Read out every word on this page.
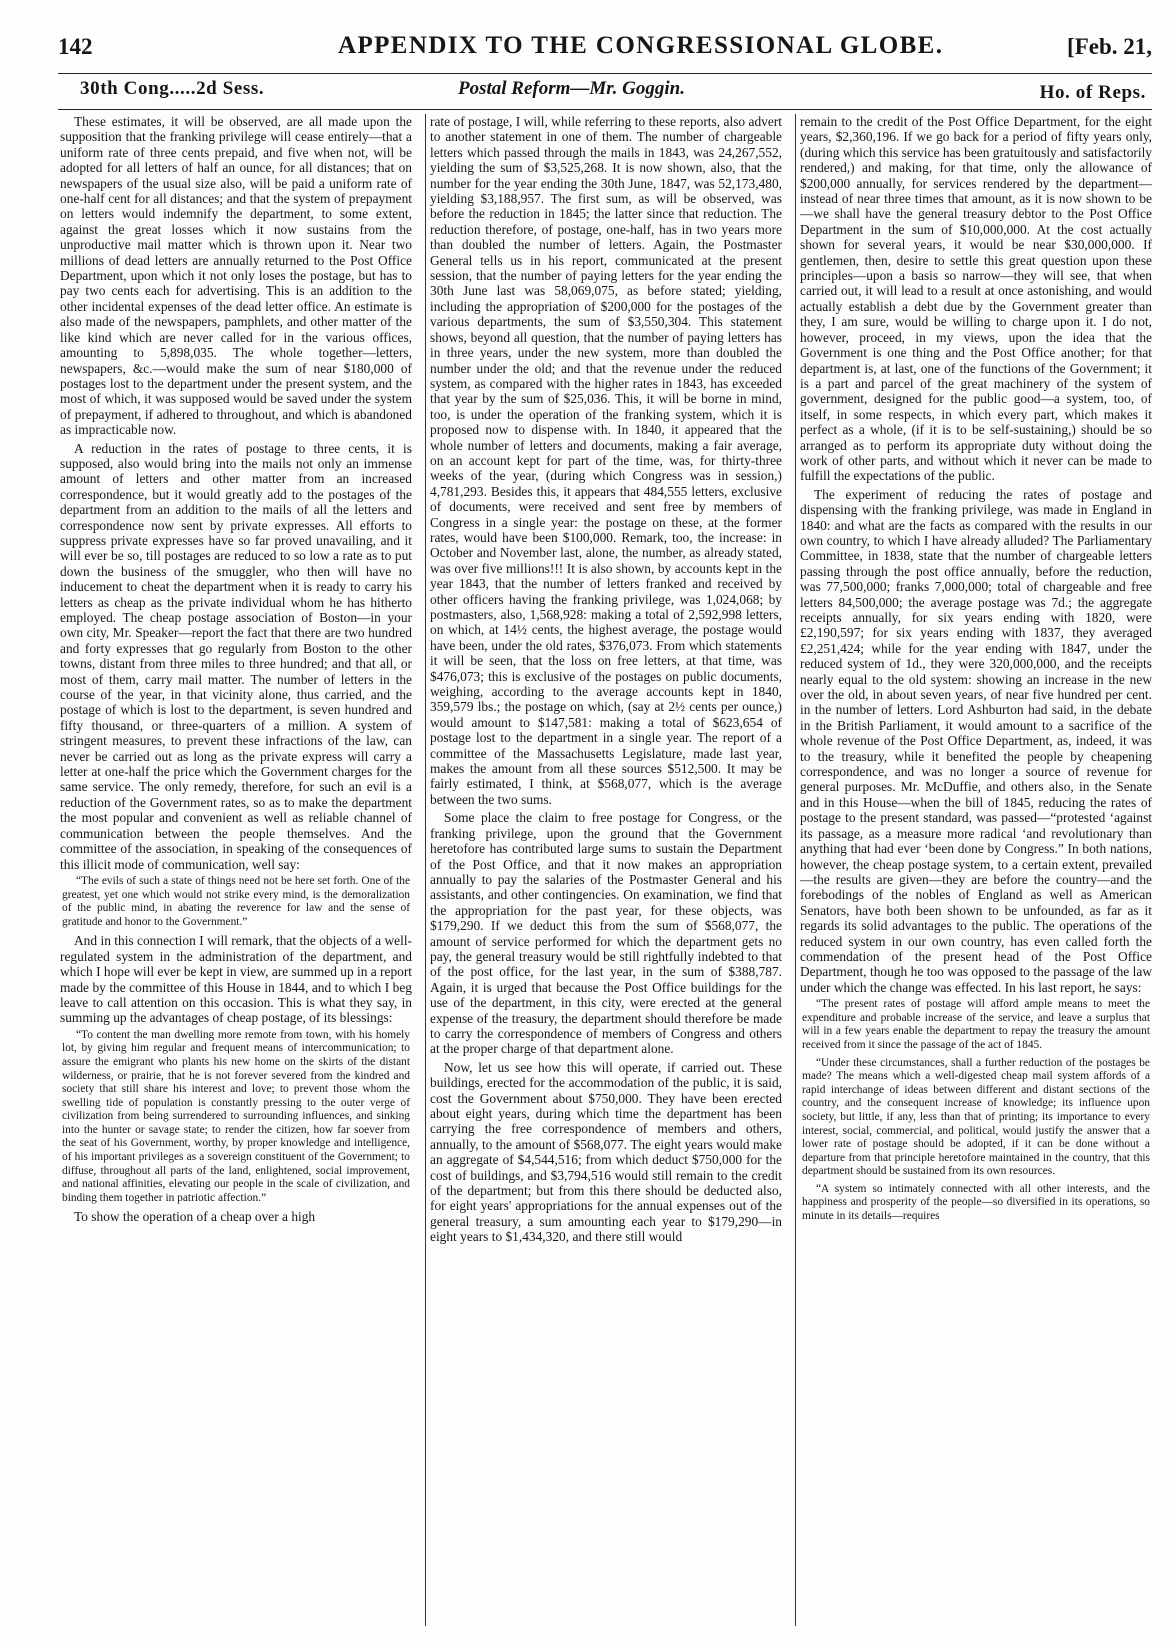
142	APPENDIX TO THE CONGRESSIONAL GLOBE.	[Feb. 21,
30th Cong.....2d Sess.	Postal Reform—Mr. Goggin.	Ho. of Reps.

These estimates, it will be observed, are all made upon the supposition that the franking privilege will cease entirely—that a uniform rate of three cents prepaid, and five when not, will be adopted for all letters of half an ounce, for all distances; that on newspapers of the usual size also, will be paid a uniform rate of one-half cent for all distances; and that the system of prepayment on letters would indemnify the department, to some extent, against the great losses which it now sustains from the unproductive mail matter which is thrown upon it. Near two millions of dead letters are annually returned to the Post Office Department, upon which it not only loses the postage, but has to pay two cents each for advertising. This is an addition to the other incidental expenses of the dead letter office. An estimate is also made of the newspapers, pamphlets, and other matter of the like kind which are never called for in the various offices, amounting to 5,898,035. The whole together—letters, newspapers, &c.—would make the sum of near $180,000 of postages lost to the department under the present system, and the most of which, it was supposed would be saved under the system of prepayment, if adhered to throughout, and which is abandoned as impracticable now.

A reduction in the rates of postage to three cents, it is supposed, also would bring into the mails not only an immense amount of letters and other matter from an increased correspondence, but it would greatly add to the postages of the department from an addition to the mails of all the letters and correspondence now sent by private expresses. All efforts to suppress private expresses have so far proved unavailing, and it will ever be so, till postages are reduced to so low a rate as to put down the business of the smuggler, who then will have no inducement to cheat the department when it is ready to carry his letters as cheap as the private individual whom he has hitherto employed. The cheap postage association of Boston—in your own city, Mr. Speaker—report the fact that there are two hundred and forty expresses that go regularly from Boston to the other towns, distant from three miles to three hundred; and that all, or most of them, carry mail matter. The number of letters in the course of the year, in that vicinity alone, thus carried, and the postage of which is lost to the department, is seven hundred and fifty thousand, or three-quarters of a million. A system of stringent measures, to prevent these infractions of the law, can never be carried out as long as the private express will carry a letter at one-half the price which the Government charges for the same service. The only remedy, therefore, for such an evil is a reduction of the Government rates, so as to make the department the most popular and convenient as well as reliable channel of communication between the people themselves. And the committee of the association, in speaking of the consequences of this illicit mode of communication, well say:

“The evils of such a state of things need not be here set forth. One of the greatest, yet one which would not strike every mind, is the demoralization of the public mind, in abating the reverence for law and the sense of gratitude and honor to the Government.”

And in this connection I will remark, that the objects of a well-regulated system in the administration of the department, and which I hope will ever be kept in view, are summed up in a report made by the committee of this House in 1844, and to which I beg leave to call attention on this occasion. This is what they say, in summing up the advantages of cheap postage, of its blessings:

“To content the man dwelling more remote from town, with his homely lot, by giving him regular and frequent means of intercommunication; to assure the emigrant who plants his new home on the skirts of the distant wilderness, or prairie, that he is not forever severed from the kindred and society that still share his interest and love; to prevent those whom the swelling tide of population is constantly pressing to the outer verge of civilization from being surrendered to surrounding influences, and sinking into the hunter or savage state; to render the citizen, how far soever from the seat of his Government, worthy, by proper knowledge and intelligence, of his important privileges as a sovereign constituent of the Government; to diffuse, throughout all parts of the land, enlightened, social improvement, and national affinities, elevating our people in the scale of civilization, and binding them together in patriotic affection.”

To show the operation of a cheap over a high

rate of postage, I will, while referring to these reports, also advert to another statement in one of them. The number of chargeable letters which passed through the mails in 1843, was 24,267,552, yielding the sum of $3,525,268. It is now shown, also, that the number for the year ending the 30th June, 1847, was 52,173,480, yielding $3,188,957. The first sum, as will be observed, was before the reduction in 1845; the latter since that reduction. The reduction therefore, of postage, one-half, has in two years more than doubled the number of letters. Again, the Postmaster General tells us in his report, communicated at the present session, that the number of paying letters for the year ending the 30th June last was 58,069,075, as before stated; yielding, including the appropriation of $200,000 for the postages of the various departments, the sum of $3,550,304. This statement shows, beyond all question, that the number of paying letters has in three years, under the new system, more than doubled the number under the old; and that the revenue under the reduced system, as compared with the higher rates in 1843, has exceeded that year by the sum of $25,036. This, it will be borne in mind, too, is under the operation of the franking system, which it is proposed now to dispense with. In 1840, it appeared that the whole number of letters and documents, making a fair average, on an account kept for part of the time, was, for thirty-three weeks of the year, (during which Congress was in session,) 4,781,293. Besides this, it appears that 484,555 letters, exclusive of documents, were received and sent free by members of Congress in a single year: the postage on these, at the former rates, would have been $100,000. Remark, too, the increase: in October and November last, alone, the number, as already stated, was over five millions!!! It is also shown, by accounts kept in the year 1843, that the number of letters franked and received by other officers having the franking privilege, was 1,024,068; by postmasters, also, 1,568,928: making a total of 2,592,998 letters, on which, at 14½ cents, the highest average, the postage would have been, under the old rates, $376,073. From which statements it will be seen, that the loss on free letters, at that time, was $476,073; this is exclusive of the postages on public documents, weighing, according to the average accounts kept in 1840, 359,579 lbs.; the postage on which, (say at 2½ cents per ounce,) would amount to $147,581: making a total of $623,654 of postage lost to the department in a single year. The report of a committee of the Massachusetts Legislature, made last year, makes the amount from all these sources $512,500. It may be fairly estimated, I think, at $568,077, which is the average between the two sums.

Some place the claim to free postage for Congress, or the franking privilege, upon the ground that the Government heretofore has contributed large sums to sustain the Department of the Post Office, and that it now makes an appropriation annually to pay the salaries of the Postmaster General and his assistants, and other contingencies. On examination, we find that the appropriation for the past year, for these objects, was $179,290. If we deduct this from the sum of $568,077, the amount of service performed for which the department gets no pay, the general treasury would be still rightfully indebted to that of the post office, for the last year, in the sum of $388,787. Again, it is urged that because the Post Office buildings for the use of the department, in this city, were erected at the general expense of the treasury, the department should therefore be made to carry the correspondence of members of Congress and others at the proper charge of that department alone.

Now, let us see how this will operate, if carried out. These buildings, erected for the accommodation of the public, it is said, cost the Government about $750,000. They have been erected about eight years, during which time the department has been carrying the free correspondence of members and others, annually, to the amount of $568,077. The eight years would make an aggregate of $4,544,516; from which deduct $750,000 for the cost of buildings, and $3,794,516 would still remain to the credit of the department; but from this there should be deducted also, for eight years' appropriations for the annual expenses out of the general treasury, a sum amounting each year to $179,290—in eight years to $1,434,320, and there still would

remain to the credit of the Post Office Department, for the eight years, $2,360,196. If we go back for a period of fifty years only, (during which this service has been gratuitously and satisfactorily rendered,) and making, for that time, only the allowance of $200,000 annually, for services rendered by the department—instead of near three times that amount, as it is now shown to be—we shall have the general treasury debtor to the Post Office Department in the sum of $10,000,000. At the cost actually shown for several years, it would be near $30,000,000. If gentlemen, then, desire to settle this great question upon these principles—upon a basis so narrow—they will see, that when carried out, it will lead to a result at once astonishing, and would actually establish a debt due by the Government greater than they, I am sure, would be willing to charge upon it. I do not, however, proceed, in my views, upon the idea that the Government is one thing and the Post Office another; for that department is, at last, one of the functions of the Government; it is a part and parcel of the great machinery of the system of government, designed for the public good—a system, too, of itself, in some respects, in which every part, which makes it perfect as a whole, (if it is to be self-sustaining,) should be so arranged as to perform its appropriate duty without doing the work of other parts, and without which it never can be made to fulfill the expectations of the public.

The experiment of reducing the rates of postage and dispensing with the franking privilege, was made in England in 1840: and what are the facts as compared with the results in our own country, to which I have already alluded? The Parliamentary Committee, in 1838, state that the number of chargeable letters passing through the post office annually, before the reduction, was 77,500,000; franks 7,000,000; total of chargeable and free letters 84,500,000; the average postage was 7d.; the aggregate receipts annually, for six years ending with 1820, were £2,190,597; for six years ending with 1837, they averaged £2,251,424; while for the year ending with 1847, under the reduced system of 1d., they were 320,000,000, and the receipts nearly equal to the old system: showing an increase in the new over the old, in about seven years, of near five hundred per cent. in the number of letters. Lord Ashburton had said, in the debate in the British Parliament, it would amount to a sacrifice of the whole revenue of the Post Office Department, as, indeed, it was to the treasury, while it benefited the people by cheapening correspondence, and was no longer a source of revenue for general purposes. Mr. McDuffie, and others also, in the Senate and in this House—when the bill of 1845, reducing the rates of postage to the present standard, was passed—“protested ‘against its passage, as a measure more radical ‘and revolutionary than anything that had ever ‘been done by Congress.” In both nations, however, the cheap postage system, to a certain extent, prevailed—the results are given—they are before the country—and the forebodings of the nobles of England as well as American Senators, have both been shown to be unfounded, as far as it regards its solid advantages to the public. The operations of the reduced system in our own country, has even called forth the commendation of the present head of the Post Office Department, though he too was opposed to the passage of the law under which the change was effected. In his last report, he says:

“The present rates of postage will afford ample means to meet the expenditure and probable increase of the service, and leave a surplus that will in a few years enable the department to repay the treasury the amount received from it since the passage of the act of 1845.

“Under these circumstances, shall a further reduction of the postages be made? The means which a well-digested cheap mail system affords of a rapid interchange of ideas between different and distant sections of the country, and the consequent increase of knowledge; its influence upon society, but little, if any, less than that of printing; its importance to every interest, social, commercial, and political, would justify the answer that a lower rate of postage should be adopted, if it can be done without a departure from that principle heretofore maintained in the country, that this department should be sustained from its own resources.

“A system so intimately connected with all other interests, and the happiness and prosperity of the people—so diversified in its operations, so minute in its details—requires
